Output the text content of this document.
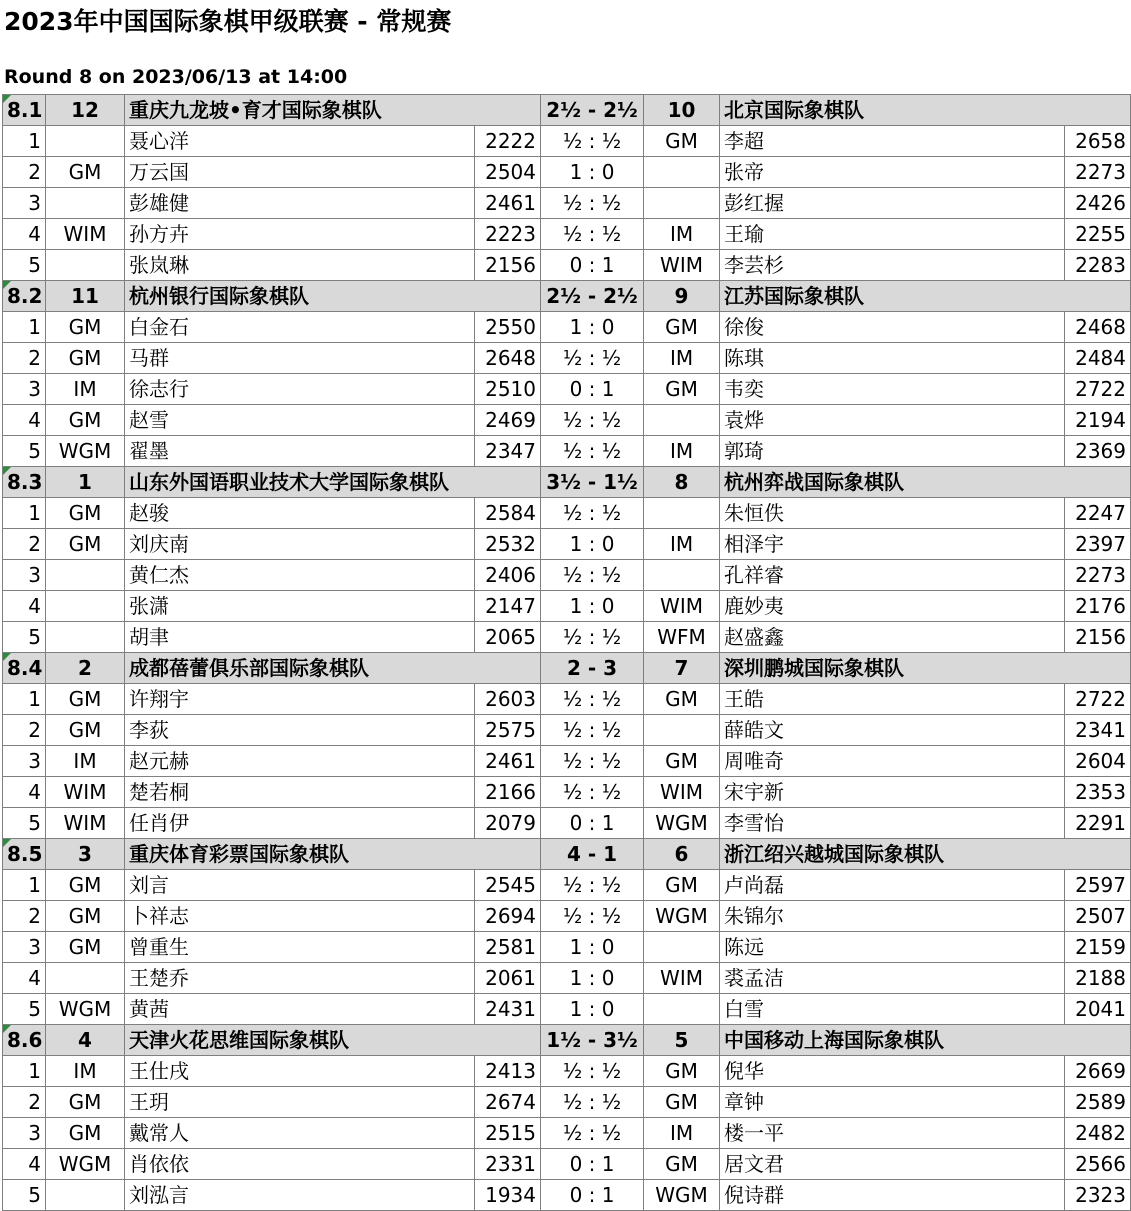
2023年中国国际象棋甲级联赛 - 常规赛
Round 8 on 2023/06/13 at 14:00
8.1	12	重庆九龙坡•育才国际象棋队		2½ - 2½	10	北京国际象棋队	
1		聂心洋	2222	½ : ½	GM	李超	2658
2	GM	万云国	2504	1 : 0		张帝	2273
3		彭雄健	2461	½ : ½		彭红握	2426
4	WIM	孙方卉	2223	½ : ½	IM	王瑜	2255
5		张岚琳	2156	0 : 1	WIM	李芸杉	2283
8.2	11	杭州银行国际象棋队		2½ - 2½	9	江苏国际象棋队	
1	GM	白金石	2550	1 : 0	GM	徐俊	2468
2	GM	马群	2648	½ : ½	IM	陈琪	2484
3	IM	徐志行	2510	0 : 1	GM	韦奕	2722
4	GM	赵雪	2469	½ : ½		袁烨	2194
5	WGM	翟墨	2347	½ : ½	IM	郭琦	2369
8.3	1	山东外国语职业技术大学国际象棋队		3½ - 1½	8	杭州弈战国际象棋队	
1	GM	赵骏	2584	½ : ½		朱恒佚	2247
2	GM	刘庆南	2532	1 : 0	IM	相泽宇	2397
3		黄仁杰	2406	½ : ½		孔祥睿	2273
4		张潇	2147	1 : 0	WIM	鹿妙夷	2176
5		胡聿	2065	½ : ½	WFM	赵盛鑫	2156
8.4	2	成都蓓蕾俱乐部国际象棋队		2 - 3	7	深圳鹏城国际象棋队	
1	GM	许翔宇	2603	½ : ½	GM	王皓	2722
2	GM	李荻	2575	½ : ½		薛皓文	2341
3	IM	赵元赫	2461	½ : ½	GM	周唯奇	2604
4	WIM	楚若桐	2166	½ : ½	WIM	宋宇新	2353
5	WIM	任肖伊	2079	0 : 1	WGM	李雪怡	2291
8.5	3	重庆体育彩票国际象棋队		4 - 1	6	浙江绍兴越城国际象棋队	
1	GM	刘言	2545	½ : ½	GM	卢尚磊	2597
2	GM	卜祥志	2694	½ : ½	WGM	朱锦尔	2507
3	GM	曾重生	2581	1 : 0		陈远	2159
4		王楚乔	2061	1 : 0	WIM	裘孟洁	2188
5	WGM	黄茜	2431	1 : 0		白雪	2041
8.6	4	天津火花思维国际象棋队		1½ - 3½	5	中国移动上海国际象棋队	
1	IM	王仕戌	2413	½ : ½	GM	倪华	2669
2	GM	王玥	2674	½ : ½	GM	章钟	2589
3	GM	戴常人	2515	½ : ½	IM	楼一平	2482
4	WGM	肖依依	2331	0 : 1	GM	居文君	2566
5		刘泓言	1934	0 : 1	WGM	倪诗群	2323
